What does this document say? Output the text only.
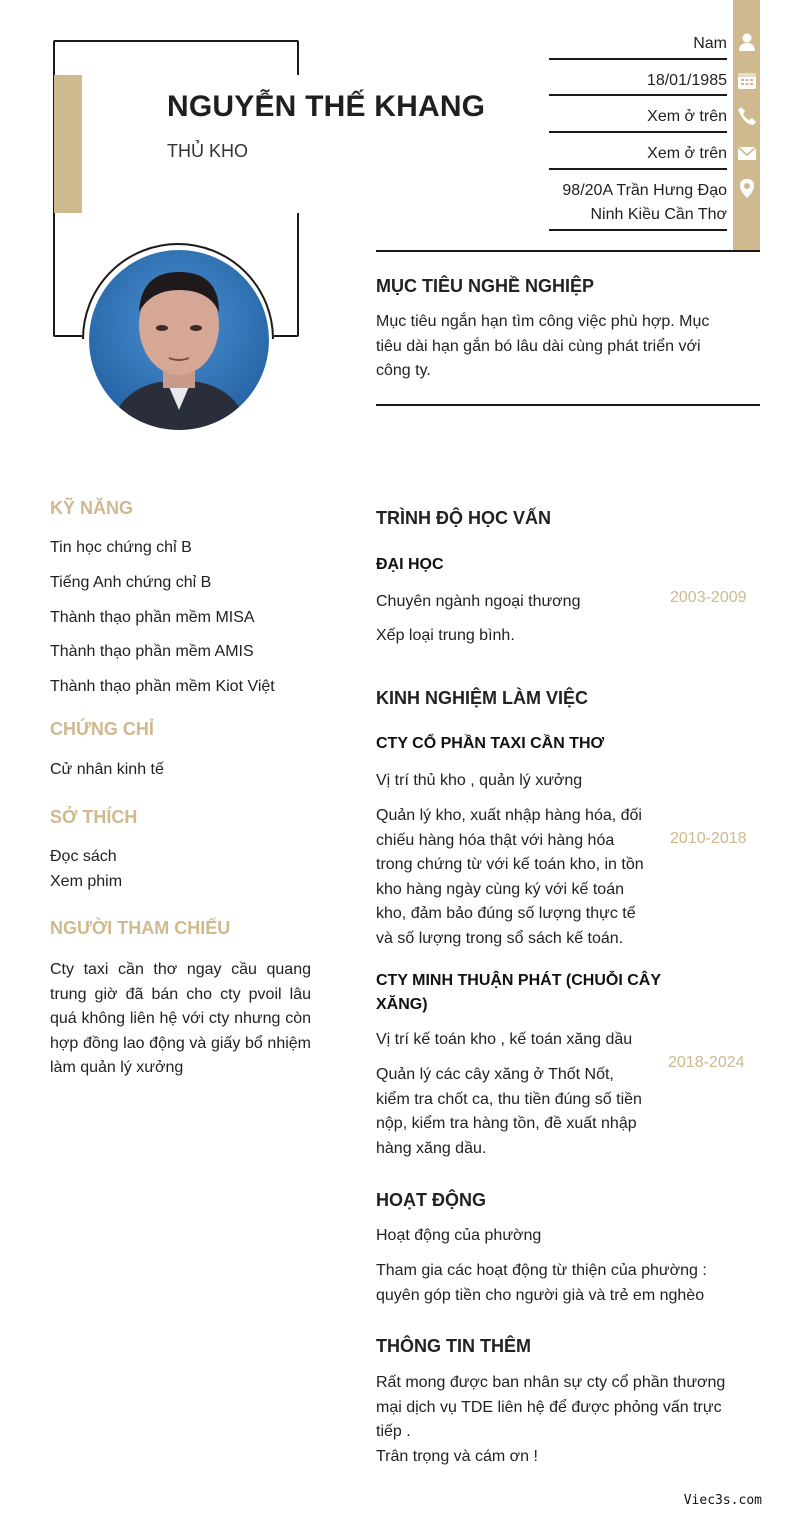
NGUYỄN THẾ KHANG
THỦ KHO
Nam
18/01/1985
Xem ở trên
Xem ở trên
98/20A Trần Hưng Đạo
Ninh Kiều Cần Thơ
MỤC TIÊU NGHỀ NGHIỆP
Mục tiêu ngắn hạn tìm công việc phù hợp. Mục
tiêu dài hạn gắn bó lâu dài cùng phát triển với
công ty.
KỸ NĂNG
Tin học chứng chỉ B
Tiếng Anh chứng chỉ B
Thành thạo phần mềm MISA
Thành thạo phần mềm AMIS
Thành thạo phần mềm Kiot Việt
CHỨNG CHỈ
Cử nhân kinh tế
SỞ THÍCH
Đọc sách
Xem phim
NGƯỜI THAM CHIẾU
Cty taxi cần thơ ngay cầu quang trung giờ đã bán cho cty pvoil lâu quá không liên hệ với cty nhưng còn hợp đồng lao động và giấy bổ nhiệm làm quản lý xưởng
TRÌNH ĐỘ HỌC VẤN
ĐẠI HỌC
Chuyên ngành ngoại thương	2003-2009
Xếp loại trung bình.
KINH NGHIỆM LÀM VIỆC
CTY CỔ PHẦN TAXI CẦN THƠ
Vị trí thủ kho , quản lý xưởng
2010-2018
Quản lý kho, xuất nhập hàng hóa, đối
chiếu hàng hóa thật với hàng hóa
trong chứng từ với kế toán kho, in tồn
kho hàng ngày cùng ký với kế toán
kho, đảm bảo đúng số lượng thực tế
và số lượng trong sổ sách kế toán.
CTY MINH THUẬN PHÁT (CHUỖI CÂY
XĂNG)
Vị trí kế toán kho , kế toán xăng dầu
2018-2024
Quản lý các cây xăng ở Thốt Nốt,
kiểm tra chốt ca, thu tiền đúng số tiền
nộp, kiểm tra hàng tồn, đề xuất nhập
hàng xăng dầu.
HOẠT ĐỘNG
Hoạt động của phường
Tham gia các hoạt động từ thiện của phường :
quyên góp tiền cho người già và trẻ em nghèo
THÔNG TIN THÊM
Rất mong được ban nhân sự cty cổ phần thương
mại dịch vụ TDE liên hệ để được phỏng vấn trực
tiếp .
Trân trọng và cám ơn !
Viec3s.com
